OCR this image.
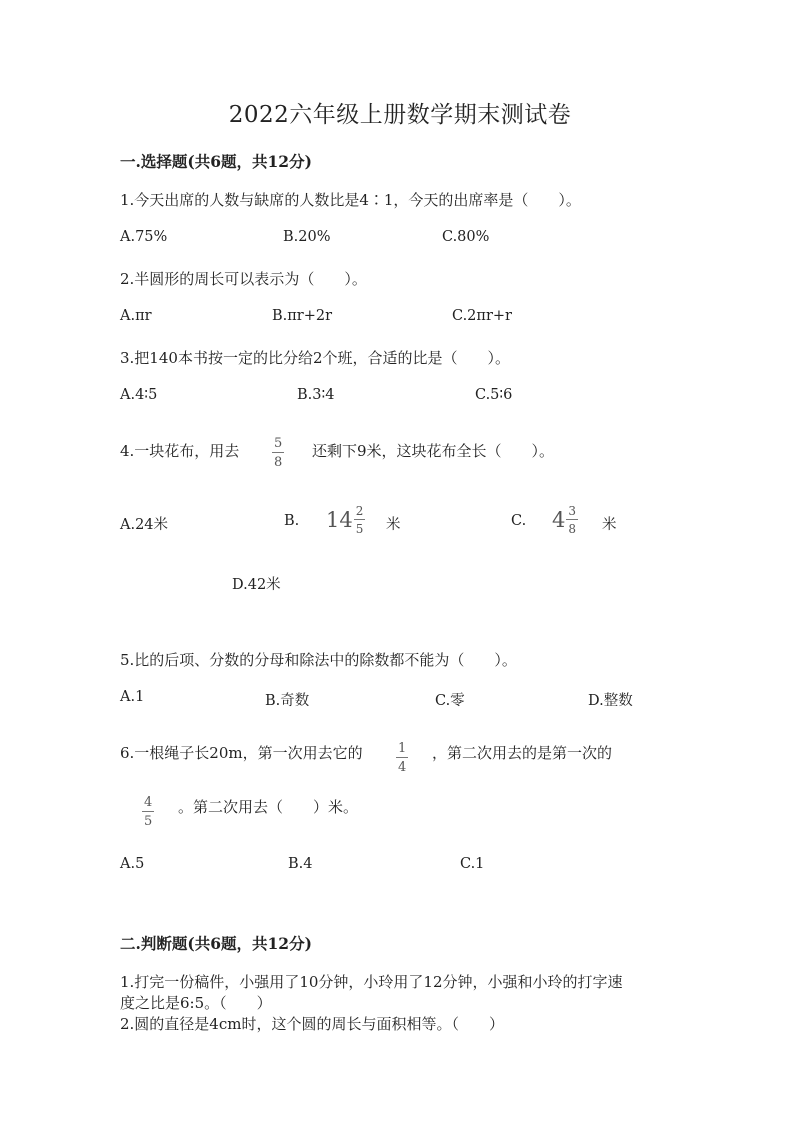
2022六年级上册数学期末测试卷
一.选择题(共6题，共12分)
1.今天出席的人数与缺席的人数比是4∶1，今天的出席率是（　　）。
A.75%	B.20%	C.80%
2.半圆形的周长可以表示为（　　）。
A.πr	B.πr+2r	C.2πr+r
3.把140本书按一定的比分给2个班，合适的比是（　　）。
A.4∶5	B.3∶4	C.5∶6
4.一块花布，用去	$\frac{5}{8}$ 还剩下9米，这块花布全长（　　）。
A.24米	B. $14 \frac{2}{5}$ 米	C. $4 \frac{3}{8}$ 米
D.42米
5.比的后项、分数的分母和除法中的除数都不能为（　　）。
A.1	B.奇数	C.零	D.整数
6.一根绳子长20m，第一次用去它的	$\frac{1}{4}$ ，第二次用去的是第一次的
$\frac{4}{5}$ 。第二次用去（　　）米。
A.5	B.4	C.1
二.判断题(共6题，共12分)
1.打完一份稿件，小强用了10分钟，小玲用了12分钟，小强和小玲的打字速
度之比是6:5。（　　）
2.圆的直径是4cm时，这个圆的周长与面积相等。（　　）
